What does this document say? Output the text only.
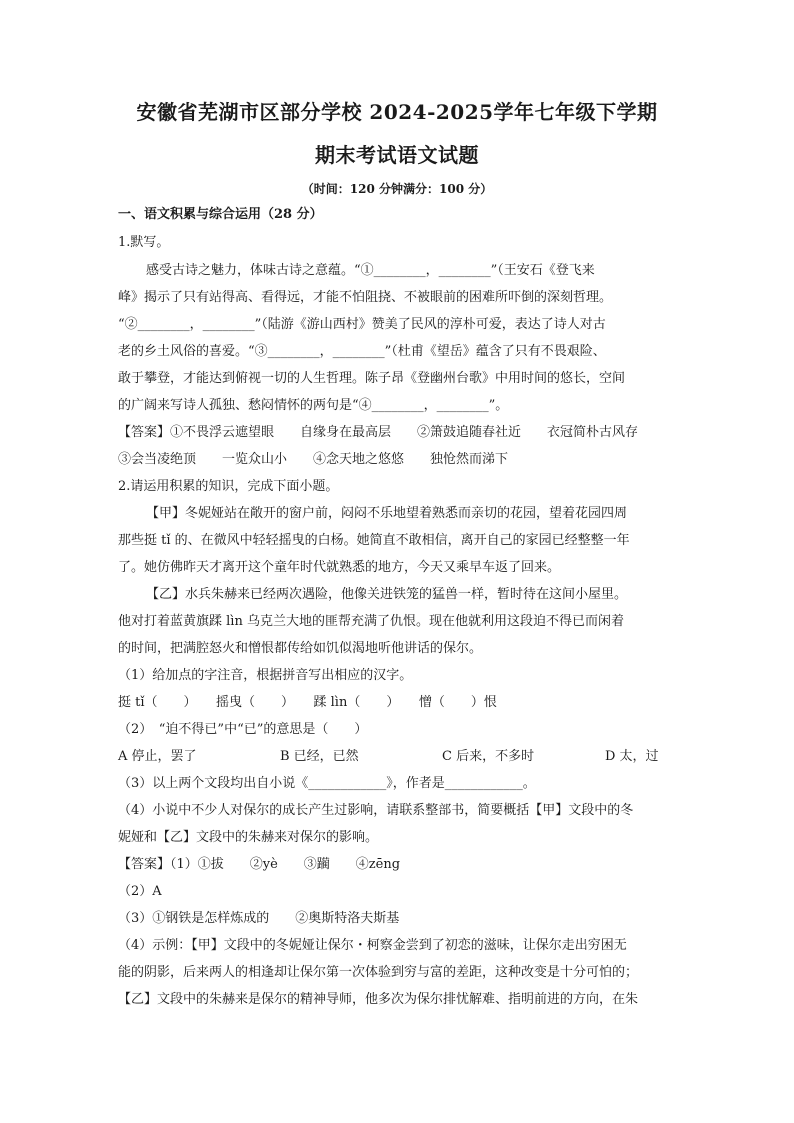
安徽省芜湖市区部分学校 2024-2025学年七年级下学期
期末考试语文试题
（时间：120 分钟满分：100 分）
一、语文积累与综合运用（28 分）
1.默写。
感受古诗之魅力，体味古诗之意蕴。“①________，________”（王安石《登飞来
峰》揭示了只有站得高、看得远，才能不怕阻挠、不被眼前的困难所吓倒的深刻哲理。
“②________，________”（陆游《游山西村》赞美了民风的淳朴可爱，表达了诗人对古
老的乡土风俗的喜爱。“③________，________”（杜甫《望岳》蕴含了只有不畏艰险、
敢于攀登，才能达到俯视一切的人生哲理。陈子昂《登幽州台歌》中用时间的悠长，空间
的广阔来写诗人孤独、愁闷情怀的两句是“④________，________”。
【答案】①不畏浮云遮望眼　　自缘身在最高层　　②箫鼓追随春社近　　衣冠简朴古风存
③会当凌绝顶　　一览众山小　　④念天地之悠悠　　独怆然而涕下
2.请运用积累的知识，完成下面小题。
【甲】冬妮娅站在敞开的窗户前，闷闷不乐地望着熟悉而亲切的花园，望着花园四周
那些挺 tǐ 的、在微风中轻轻摇曳的白杨。她简直不敢相信，离开自己的家园已经整整一年
了。她仿佛昨天才离开这个童年时代就熟悉的地方，今天又乘早车返了回来。
【乙】水兵朱赫来已经两次遇险，他像关进铁笼的猛兽一样，暂时待在这间小屋里。
他对打着蓝黄旗蹂 lìn 乌克兰大地的匪帮充满了仇恨。现在他就利用这段迫不得已而闲着
的时间，把满腔怒火和憎恨都传给如饥似渴地听他讲话的保尔。
（1）给加点的字注音，根据拼音写出相应的汉字。
挺 tǐ（　　）　　摇曳（　　）　　蹂 lìn（　　）　　憎（　　）恨
（2）　“迫不得已”中“已”的意思是（　　）
A 停止，罢了	B 已经，已然	C 后来，不多时	D 太，过
（3）以上两个文段均出自小说《____________》，作者是____________。
（4）小说中不少人对保尔的成长产生过影响，请联系整部书，简要概括【甲】文段中的冬
妮娅和【乙】文段中的朱赫来对保尔的影响。
【答案】（1）①拔　　②yè　　③躏　　④zēng
（2）A
（3）①钢铁是怎样炼成的　　②奥斯特洛夫斯基
（4）示例：【甲】文段中的冬妮娅让保尔・柯察金尝到了初恋的滋味，让保尔走出穷困无
能的阴影，后来两人的相逢却让保尔第一次体验到穷与富的差距，这种改变是十分可怕的；
【乙】文段中的朱赫来是保尔的精神导师，他多次为保尔排忧解难、指明前进的方向，在朱
